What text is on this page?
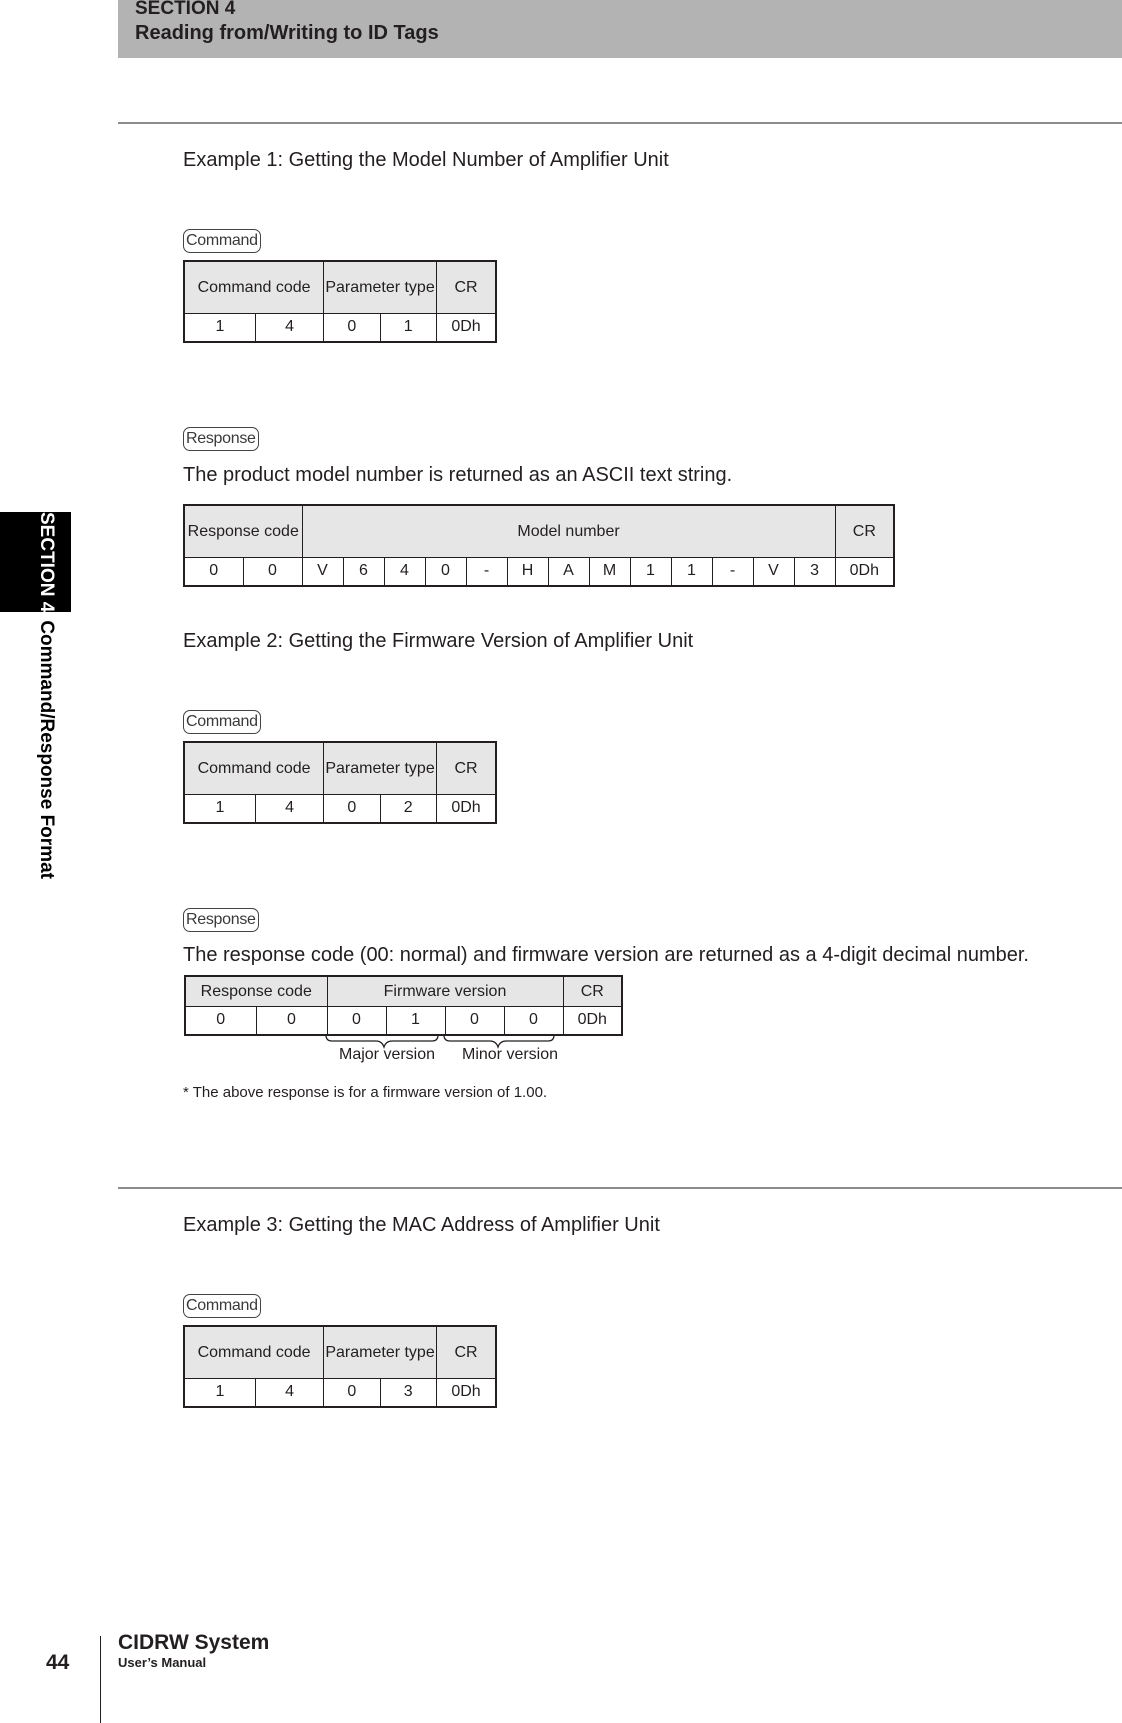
SECTION 4
Reading from/Writing to ID Tags
SECTION 4Command/Response Format
Example 1: Getting the Model Number of Amplifier Unit
Command
Command code		Parameter type		CR
1	4	0	1	0Dh
Response
The product model number is returned as an ASCII text string.
Response code		Model number													CR
0	0	V	6	4	0	-	H	A	M	1	1	-	V	3	0Dh
Example 2: Getting the Firmware Version of Amplifier Unit
Command
Command code		Parameter type		CR
1	4	0	2	0Dh
Response
The response code (00: normal) and firmware version are returned as a 4-digit decimal number.
Response code		Firmware version				CR
0	0	0	1	0	0	0Dh
Major version Minor version
* The above response is for a firmware version of 1.00.
Example 3: Getting the MAC Address of Amplifier Unit
Command
Command code		Parameter type		CR
1	4	0	3	0Dh
44
CIDRW System
User’s Manual
